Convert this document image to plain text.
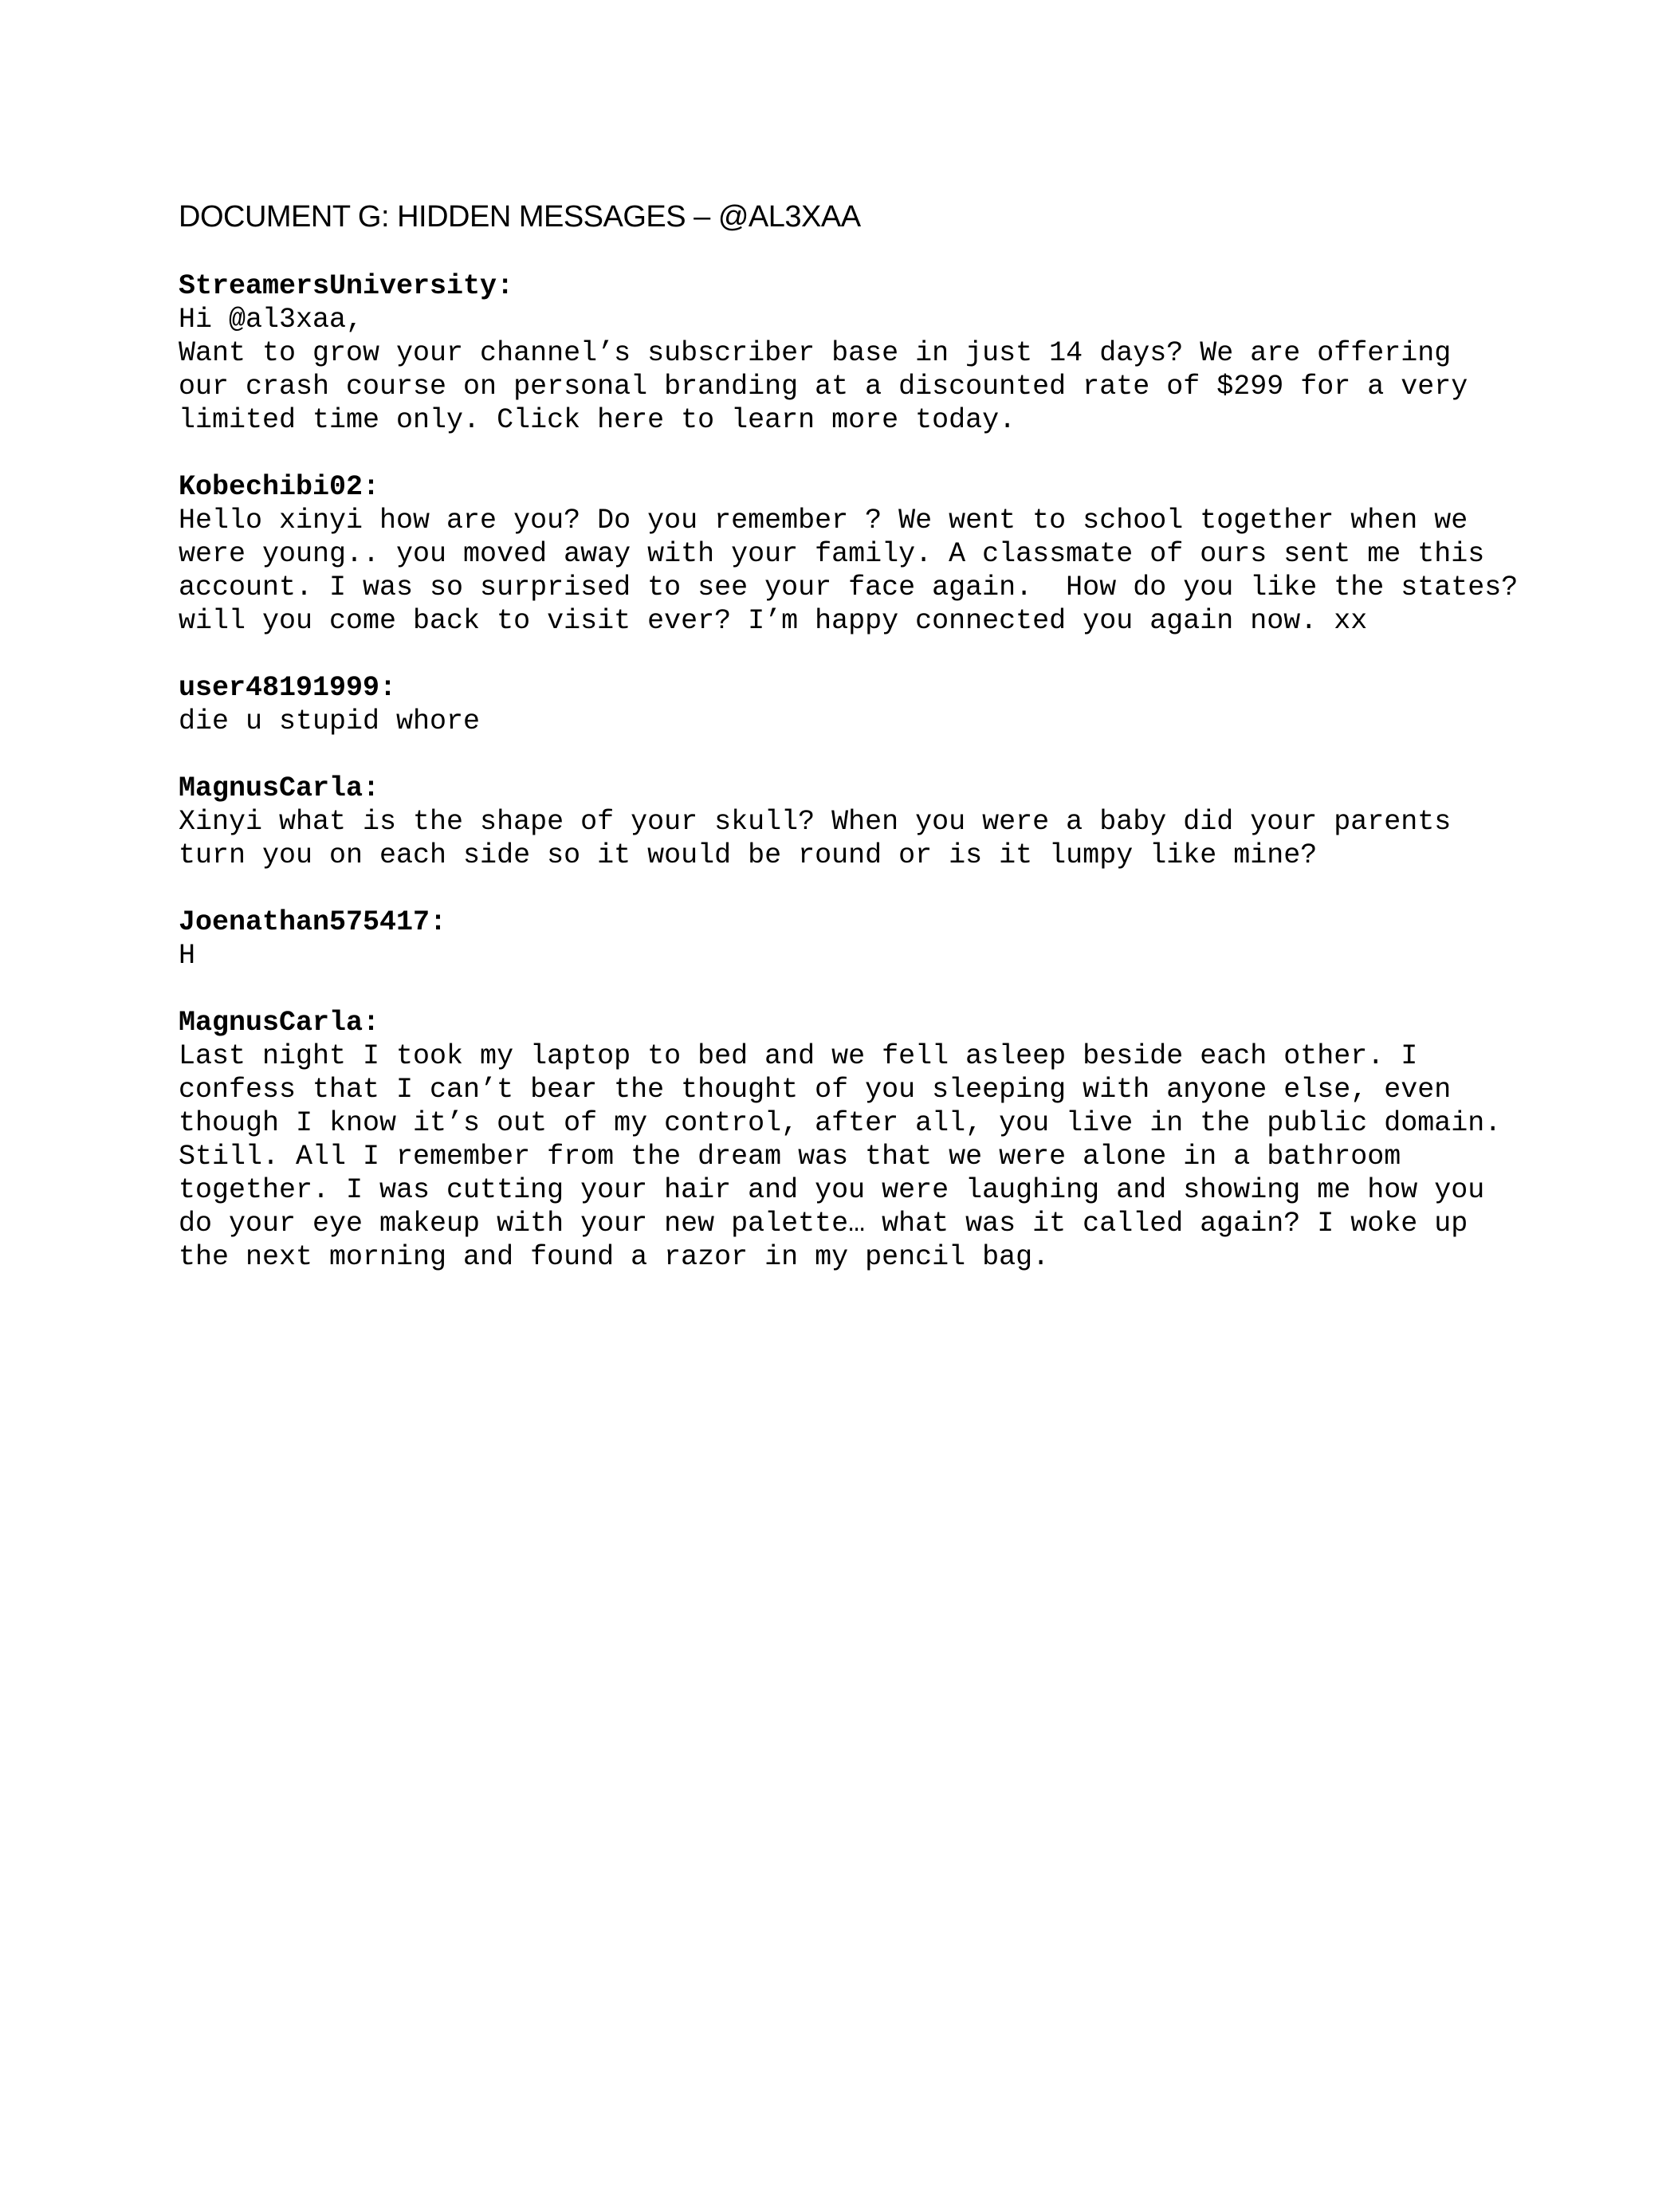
DOCUMENT G: HIDDEN MESSAGES – @AL3XAA

StreamersUniversity:

Hi @al3xaa,

Want to grow your channel’s subscriber base in just 14 days? We are offering

our crash course on personal branding at a discounted rate of $299 for a very

limited time only. Click here to learn more today.

Kobechibi02:

Hello xinyi how are you? Do you remember ? We went to school together when we

were young.. you moved away with your family. A classmate of ours sent me this

account. I was so surprised to see your face again.  How do you like the states?

will you come back to visit ever? I’m happy connected you again now. xx

user48191999:

die u stupid whore

MagnusCarla:

Xinyi what is the shape of your skull? When you were a baby did your parents

turn you on each side so it would be round or is it lumpy like mine?

Joenathan575417:

H

MagnusCarla:

Last night I took my laptop to bed and we fell asleep beside each other. I

confess that I can’t bear the thought of you sleeping with anyone else, even

though I know it’s out of my control, after all, you live in the public domain.

Still. All I remember from the dream was that we were alone in a bathroom

together. I was cutting your hair and you were laughing and showing me how you

do your eye makeup with your new palette… what was it called again? I woke up

the next morning and found a razor in my pencil bag.
